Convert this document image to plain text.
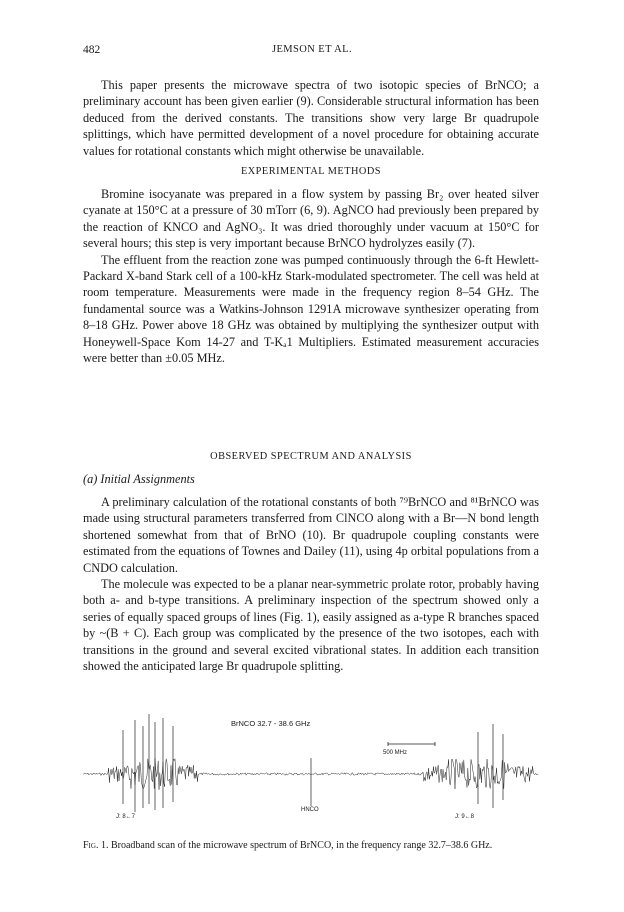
482	JEMSON ET AL.

This paper presents the microwave spectra of two isotopic species of BrNCO; a preliminary account has been given earlier (9). Considerable structural information has been deduced from the derived constants. The transitions show very large Br quadrupole splittings, which have permitted development of a novel procedure for obtaining accurate values for rotational constants which might otherwise be unavailable.

EXPERIMENTAL METHODS

Bromine isocyanate was prepared in a flow system by passing Br₂ over heated silver cyanate at 150°C at a pressure of 30 mTorr (6, 9). AgNCO had previously been prepared by the reaction of KNCO and AgNO₃. It was dried thoroughly under vacuum at 150°C for several hours; this step is very important because BrNCO hydrolyzes easily (7).

The effluent from the reaction zone was pumped continuously through the 6-ft Hewlett-Packard X-band Stark cell of a 100-kHz Stark-modulated spectrometer. The cell was held at room temperature. Measurements were made in the frequency region 8–54 GHz. The fundamental source was a Watkins-Johnson 1291A microwave synthesizer operating from 8–18 GHz. Power above 18 GHz was obtained by multiplying the synthesizer output with Honeywell-Space Kom 14-27 and T-Kₐ1 Multipliers. Estimated measurement accuracies were better than ±0.05 MHz.

OBSERVED SPECTRUM AND ANALYSIS
(a) Initial Assignments

A preliminary calculation of the rotational constants of both ⁷⁹BrNCO and ⁸¹BrNCO was made using structural parameters transferred from ClNCO along with a Br—N bond length shortened somewhat from that of BrNO (10). Br quadrupole coupling constants were estimated from the equations of Townes and Dailey (11), using 4p orbital populations from a CNDO calculation.

The molecule was expected to be a planar near-symmetric prolate rotor, probably having both a- and b-type transitions. A preliminary inspection of the spectrum showed only a series of equally spaced groups of lines (Fig. 1), easily assigned as a-type R branches spaced by ~(B + C). Each group was complicated by the presence of the two isotopes, each with transitions in the ground and several excited vibrational states. In addition each transition showed the anticipated large Br quadrupole splitting.

BrNCO 32.7 - 38.6 GHz
500 MHz
HNCO
J: 8←7	J: 9←8
Fig. 1. Broadband scan of the microwave spectrum of BrNCO, in the frequency range 32.7–38.6 GHz.
